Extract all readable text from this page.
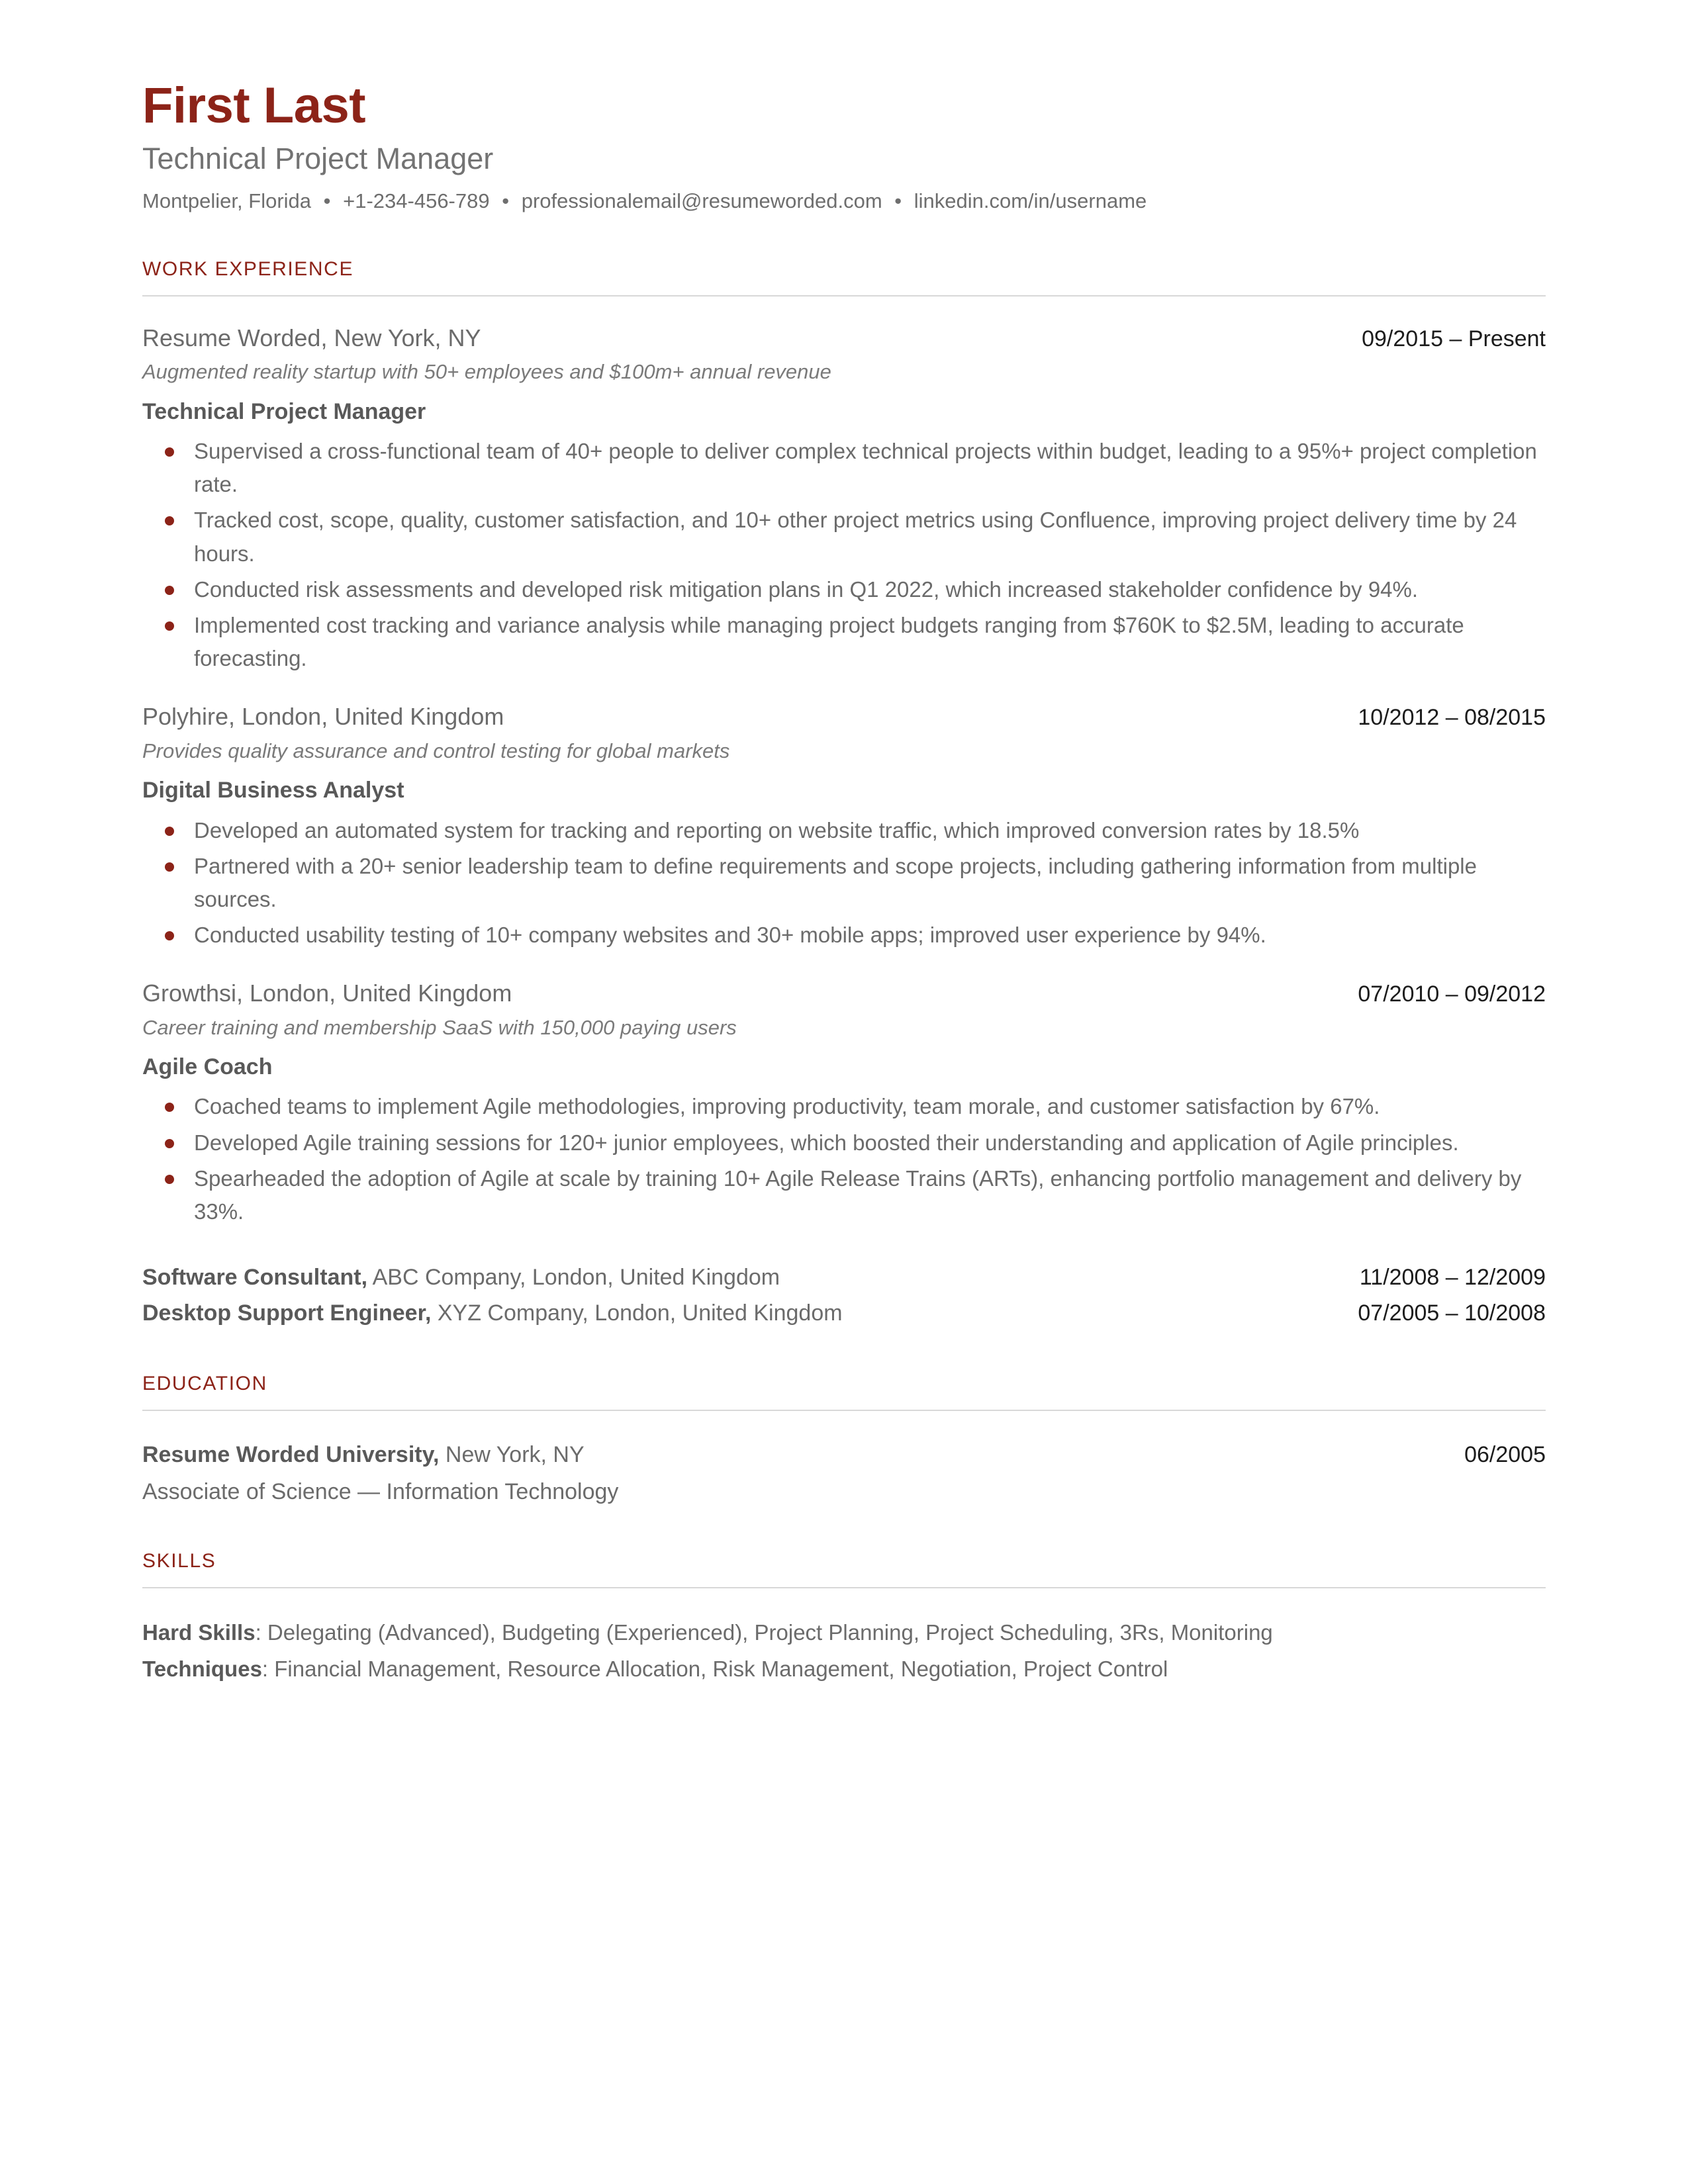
First Last
Technical Project Manager
Montpelier, Florida • +1-234-456-789 • professionalemail@resumeworded.com • linkedin.com/in/username
WORK EXPERIENCE
Resume Worded, New York, NY	09/2015 – Present
Augmented reality startup with 50+ employees and $100m+ annual revenue
Technical Project Manager
Supervised a cross-functional team of 40+ people to deliver complex technical projects within budget, leading to a 95%+ project completion rate.
Tracked cost, scope, quality, customer satisfaction, and 10+ other project metrics using Confluence, improving project delivery time by 24 hours.
Conducted risk assessments and developed risk mitigation plans in Q1 2022, which increased stakeholder confidence by 94%.
Implemented cost tracking and variance analysis while managing project budgets ranging from $760K to $2.5M, leading to accurate forecasting.
Polyhire, London, United Kingdom	10/2012 – 08/2015
Provides quality assurance and control testing for global markets
Digital Business Analyst
Developed an automated system for tracking and reporting on website traffic, which improved conversion rates by 18.5%
Partnered with a 20+ senior leadership team to define requirements and scope projects, including gathering information from multiple sources.
Conducted usability testing of 10+ company websites and 30+ mobile apps; improved user experience by 94%.
Growthsi, London, United Kingdom	07/2010 – 09/2012
Career training and membership SaaS with 150,000 paying users
Agile Coach
Coached teams to implement Agile methodologies, improving productivity, team morale, and customer satisfaction by 67%.
Developed Agile training sessions for 120+ junior employees, which boosted their understanding and application of Agile principles.
Spearheaded the adoption of Agile at scale by training 10+ Agile Release Trains (ARTs), enhancing portfolio management and delivery by 33%.
Software Consultant, ABC Company, London, United Kingdom	11/2008 – 12/2009
Desktop Support Engineer, XYZ Company, London, United Kingdom	07/2005 – 10/2008
EDUCATION
Resume Worded University, New York, NY	06/2005
Associate of Science — Information Technology
SKILLS
Hard Skills: Delegating (Advanced), Budgeting (Experienced), Project Planning, Project Scheduling, 3Rs, Monitoring
Techniques: Financial Management, Resource Allocation, Risk Management, Negotiation, Project Control
